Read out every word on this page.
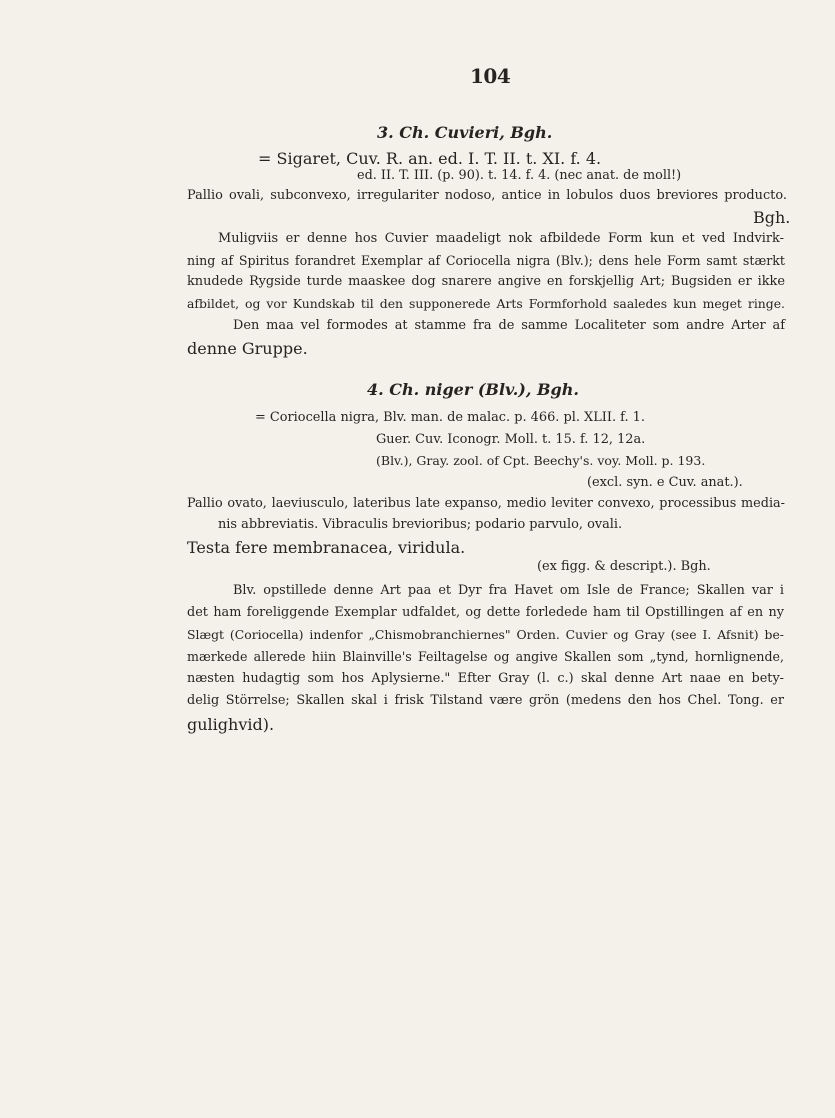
104
3. Ch. Cuvieri, Bgh.
= Sigaret, Cuv. R. an. ed. I. T. II. t. XI. f. 4.
ed. II. T. III. (p. 90). t. 14. f. 4. (nec anat. de moll!)
Pallio ovali, subconvexo, irregulariter nodoso, antice in lobulos duos breviores producto.
Bgh.
Muligviis er denne hos Cuvier maadeligt nok afbildede Form kun et ved Indvirk-
ning af Spiritus forandret Exemplar af Coriocella nigra (Blv.); dens hele Form samt stærkt
knudede Rygside turde maaskee dog snarere angive en forskjellig Art; Bugsiden er ikke
afbildet, og vor Kundskab til den supponerede Arts Formforhold saaledes kun meget ringe.
Den maa vel formodes at stamme fra de samme Localiteter som andre Arter af
denne Gruppe.
4. Ch. niger (Blv.), Bgh.
= Coriocella nigra, Blv. man. de malac. p. 466. pl. XLII. f. 1.
Guer. Cuv. Iconogr. Moll. t. 15. f. 12, 12a.
(Blv.), Gray. zool. of Cpt. Beechy's. voy. Moll. p. 193.
(excl. syn. e Cuv. anat.).
Pallio ovato, laeviusculo, lateribus late expanso, medio leviter convexo, processibus media-
nis abbreviatis. Vibraculis brevioribus; podario parvulo, ovali.
Testa fere membranacea, viridula.
(ex figg. & descript.). Bgh.
Blv. opstillede denne Art paa et Dyr fra Havet om Isle de France; Skallen var i
det ham foreliggende Exemplar udfaldet, og dette forledede ham til Opstillingen af en ny
Slægt (Coriocella) indenfor „Chismobranchiernes" Orden. Cuvier og Gray (see I. Afsnit) be-
mærkede allerede hiin Blainville's Feiltagelse og angive Skallen som „tynd, hornlignende,
næsten hudagtig som hos Aplysierne." Efter Gray (l. c.) skal denne Art naae en bety-
delig Störrelse; Skallen skal i frisk Tilstand være grön (medens den hos Chel. Tong. er
gulighvid).
